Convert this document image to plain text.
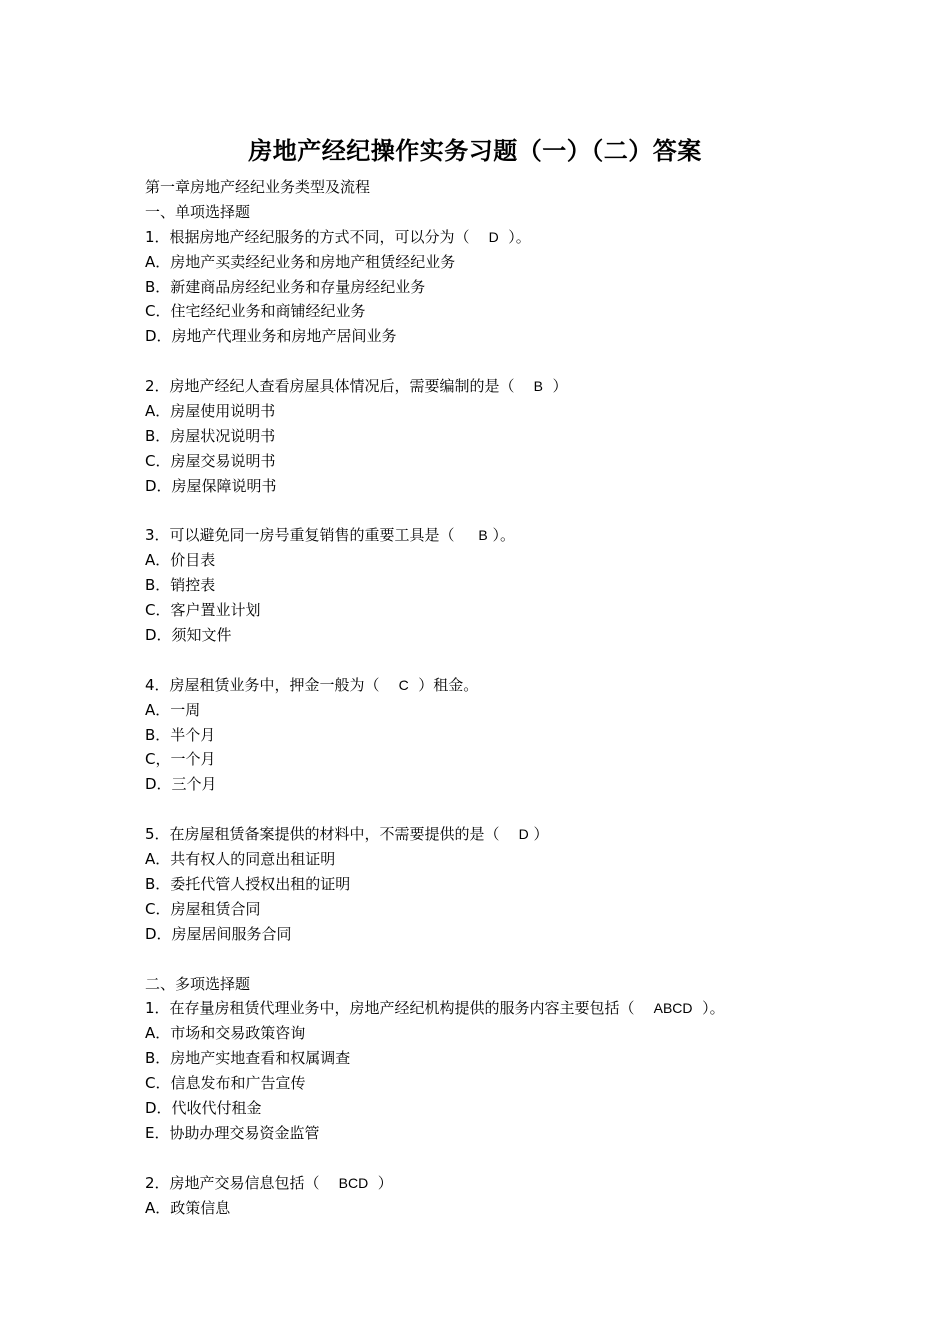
房地产经纪操作实务习题（一）（二）答案
第一章房地产经纪业务类型及流程
一、单项选择题
1．根据房地产经纪服务的方式不同，可以分为（    D  ）。
A．房地产买卖经纪业务和房地产租赁经纪业务
B．新建商品房经纪业务和存量房经纪业务
C．住宅经纪业务和商铺经纪业务
D．房地产代理业务和房地产居间业务
2．房地产经纪人查看房屋具体情况后，需要编制的是（    B  ）
A．房屋使用说明书
B．房屋状况说明书
C．房屋交易说明书
D．房屋保障说明书
3．可以避免同一房号重复销售的重要工具是（     B ）。
A．价目表
B．销控表
C．客户置业计划
D．须知文件
4．房屋租赁业务中，押金一般为（    C  ）租金。
A．一周
B．半个月
C，一个月
D．三个月
5．在房屋租赁备案提供的材料中，不需要提供的是（    D ）
A．共有权人的同意出租证明
B．委托代管人授权出租的证明
C．房屋租赁合同
D．房屋居间服务合同
二、多项选择题
1．在存量房租赁代理业务中，房地产经纪机构提供的服务内容主要包括（    ABCD  ）。
A．市场和交易政策咨询
B．房地产实地查看和权属调查
C．信息发布和广告宣传
D．代收代付租金
E．协助办理交易资金监管
2．房地产交易信息包括（    BCD  ）
A．政策信息
